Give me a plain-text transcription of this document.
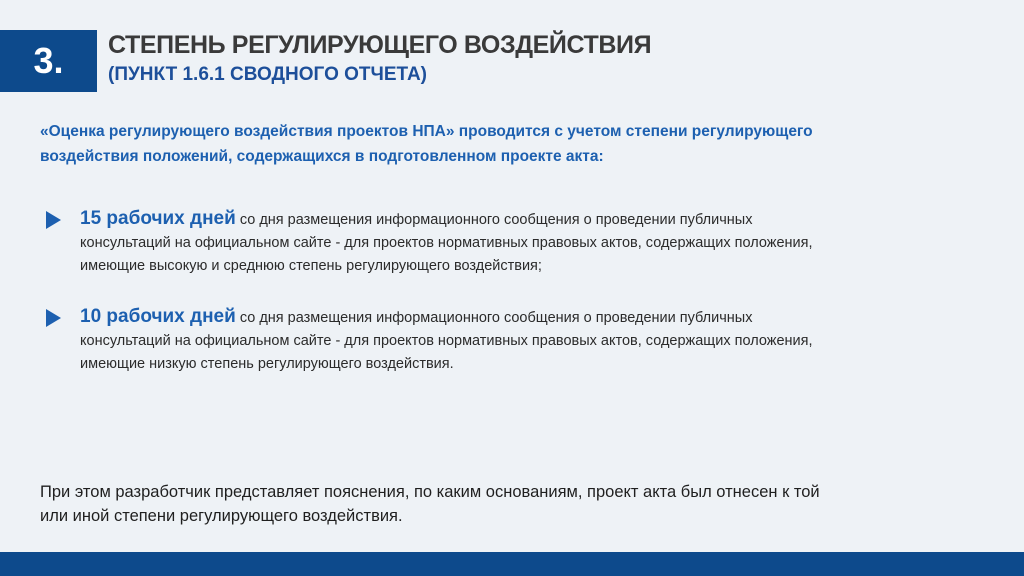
3. СТЕПЕНЬ РЕГУЛИРУЮЩЕГО ВОЗДЕЙСТВИЯ
(ПУНКТ 1.6.1 СВОДНОГО ОТЧЕТА)
«Оценка регулирующего воздействия проектов НПА» проводится с учетом степени регулирующего воздействия положений, содержащихся в подготовленном проекте акта:
15 рабочих дней со дня размещения информационного сообщения о проведении публичных консультаций на официальном сайте - для проектов нормативных правовых актов, содержащих положения, имеющие высокую и среднюю степень регулирующего воздействия;
10 рабочих дней со дня размещения информационного сообщения о проведении публичных консультаций на официальном сайте - для проектов нормативных правовых актов, содержащих положения, имеющие низкую степень регулирующего воздействия.
При этом разработчик представляет пояснения, по каким основаниям, проект акта был отнесен к той или иной степени регулирующего воздействия.
